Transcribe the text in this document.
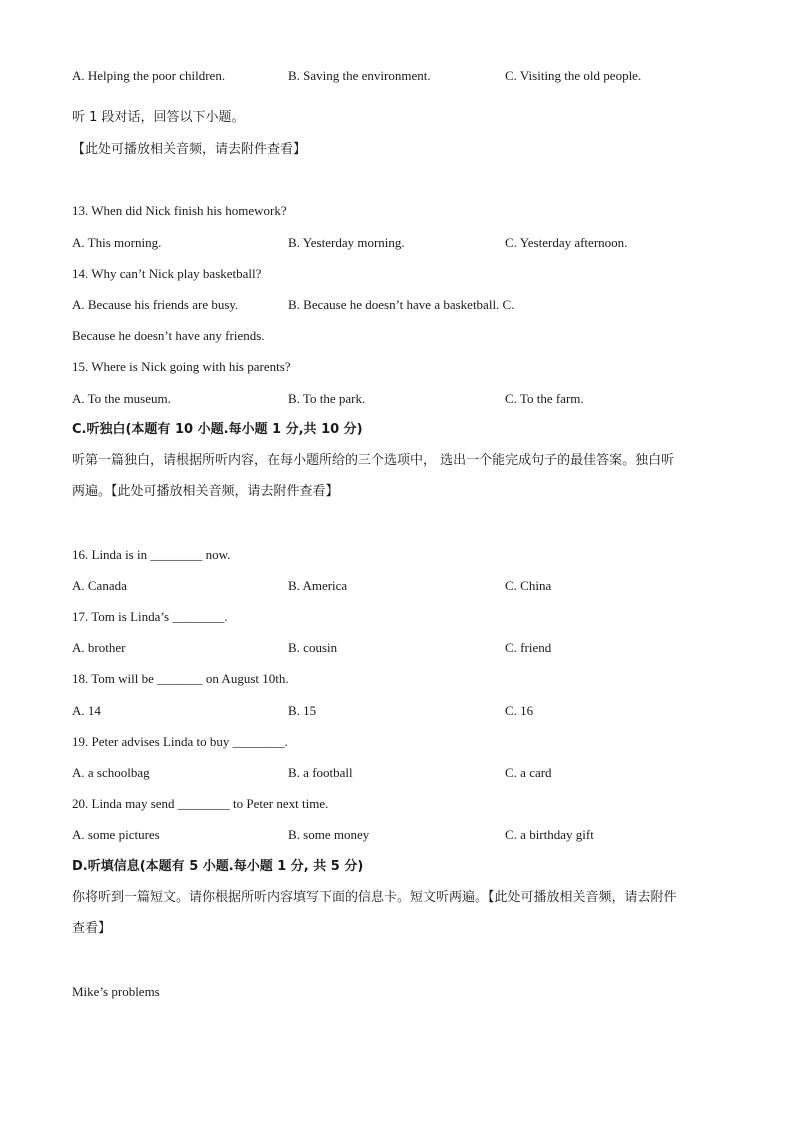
A. Helping the poor children.	B. Saving the environment.	C. Visiting the old people.
听 1 段对话，回答以下小题。
【此处可播放相关音频，请去附件查看】
13. When did Nick finish his homework?
A. This morning.	B. Yesterday morning.	C. Yesterday afternoon.
14. Why can’t Nick play basketball?
A. Because his friends are busy.	B. Because he doesn’t have a basketball. C.
Because he doesn’t have any friends.
15. Where is Nick going with his parents?
A. To the museum.	B. To the park.	C. To the farm.
C.听独白(本题有 10 小题.每小题 1 分,共 10 分)
听第一篇独白，请根据所听内容，在每小题所给的三个选项中， 选出一个能完成句子的最佳答案。独白听
两遍。【此处可播放相关音频，请去附件查看】
16. Linda is in ________ now.
A. Canada	B. America	C. China
17. Tom is Linda’s ________.
A. brother	B. cousin	C. friend
18. Tom will be _______ on August 10th.
A. 14	B. 15	C. 16
19. Peter advises Linda to buy ________.
A. a schoolbag	B. a football	C. a card
20. Linda may send ________ to Peter next time.
A. some pictures	B. some money	C. a birthday gift
D.听填信息(本题有 5 小题.每小题 1 分, 共 5 分)
你将听到一篇短文。请你根据所听内容填写下面的信息卡。短文听两遍。【此处可播放相关音频，请去附件
查看】
Mike’s problems
